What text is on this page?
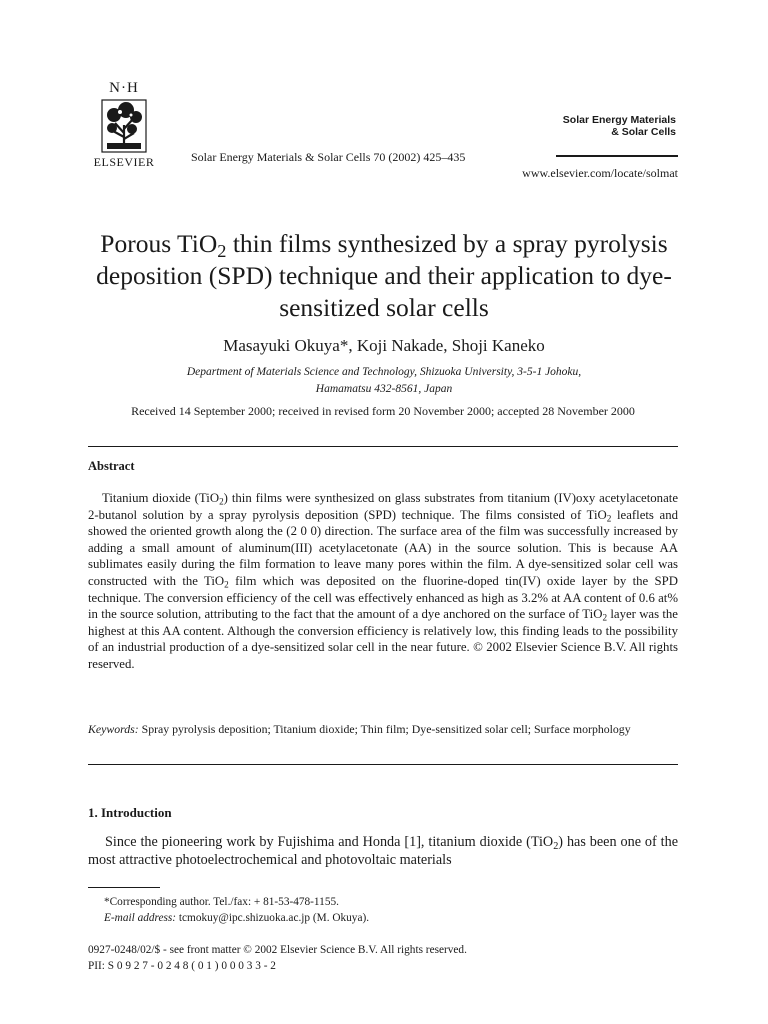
N·H
ELSEVIER	Solar Energy Materials & Solar Cells 70 (2002) 425–435
Solar Energy Materials
& Solar Cells
www.elsevier.com/locate/solmat
Porous TiO$_2$ thin films synthesized by a spray pyrolysis deposition (SPD) technique and their application to dye-sensitized solar cells
Masayuki Okuya*, Koji Nakade, Shoji Kaneko
Department of Materials Science and Technology, Shizuoka University, 3-5-1 Johoku,
Hamamatsu 432-8561, Japan
Received 14 September 2000; received in revised form 20 November 2000; accepted 28 November 2000
Abstract
Titanium dioxide (TiO$_2$) thin films were synthesized on glass substrates from titanium (IV)oxy acetylacetonate 2-butanol solution by a spray pyrolysis deposition (SPD) technique. The films consisted of TiO$_2$ leaflets and showed the oriented growth along the (2 0 0) direction. The surface area of the film was successfully increased by adding a small amount of aluminum(III) acetylacetonate (AA) in the source solution. This is because AA sublimates easily during the film formation to leave many pores within the film. A dye-sensitized solar cell was constructed with the TiO$_2$ film which was deposited on the fluorine-doped tin(IV) oxide layer by the SPD technique. The conversion efficiency of the cell was effectively enhanced as high as 3.2% at AA content of 0.6 at% in the source solution, attributing to the fact that the amount of a dye anchored on the surface of TiO$_2$ layer was the highest at this AA content. Although the conversion efficiency is relatively low, this finding leads to the possibility of an industrial production of a dye-sensitized solar cell in the near future. © 2002 Elsevier Science B.V. All rights reserved.
Keywords: Spray pyrolysis deposition; Titanium dioxide; Thin film; Dye-sensitized solar cell; Surface morphology
1. Introduction
Since the pioneering work by Fujishima and Honda [1], titanium dioxide (TiO$_2$) has been one of the most attractive photoelectrochemical and photovoltaic materials
*Corresponding author. Tel./fax: + 81-53-478-1155.
E-mail address: tcmokuy@ipc.shizuoka.ac.jp (M. Okuya).
0927-0248/02/$ - see front matter © 2002 Elsevier Science B.V. All rights reserved.
PII: S 0 9 2 7 - 0 2 4 8 ( 0 1 ) 0 0 0 3 3 - 2
